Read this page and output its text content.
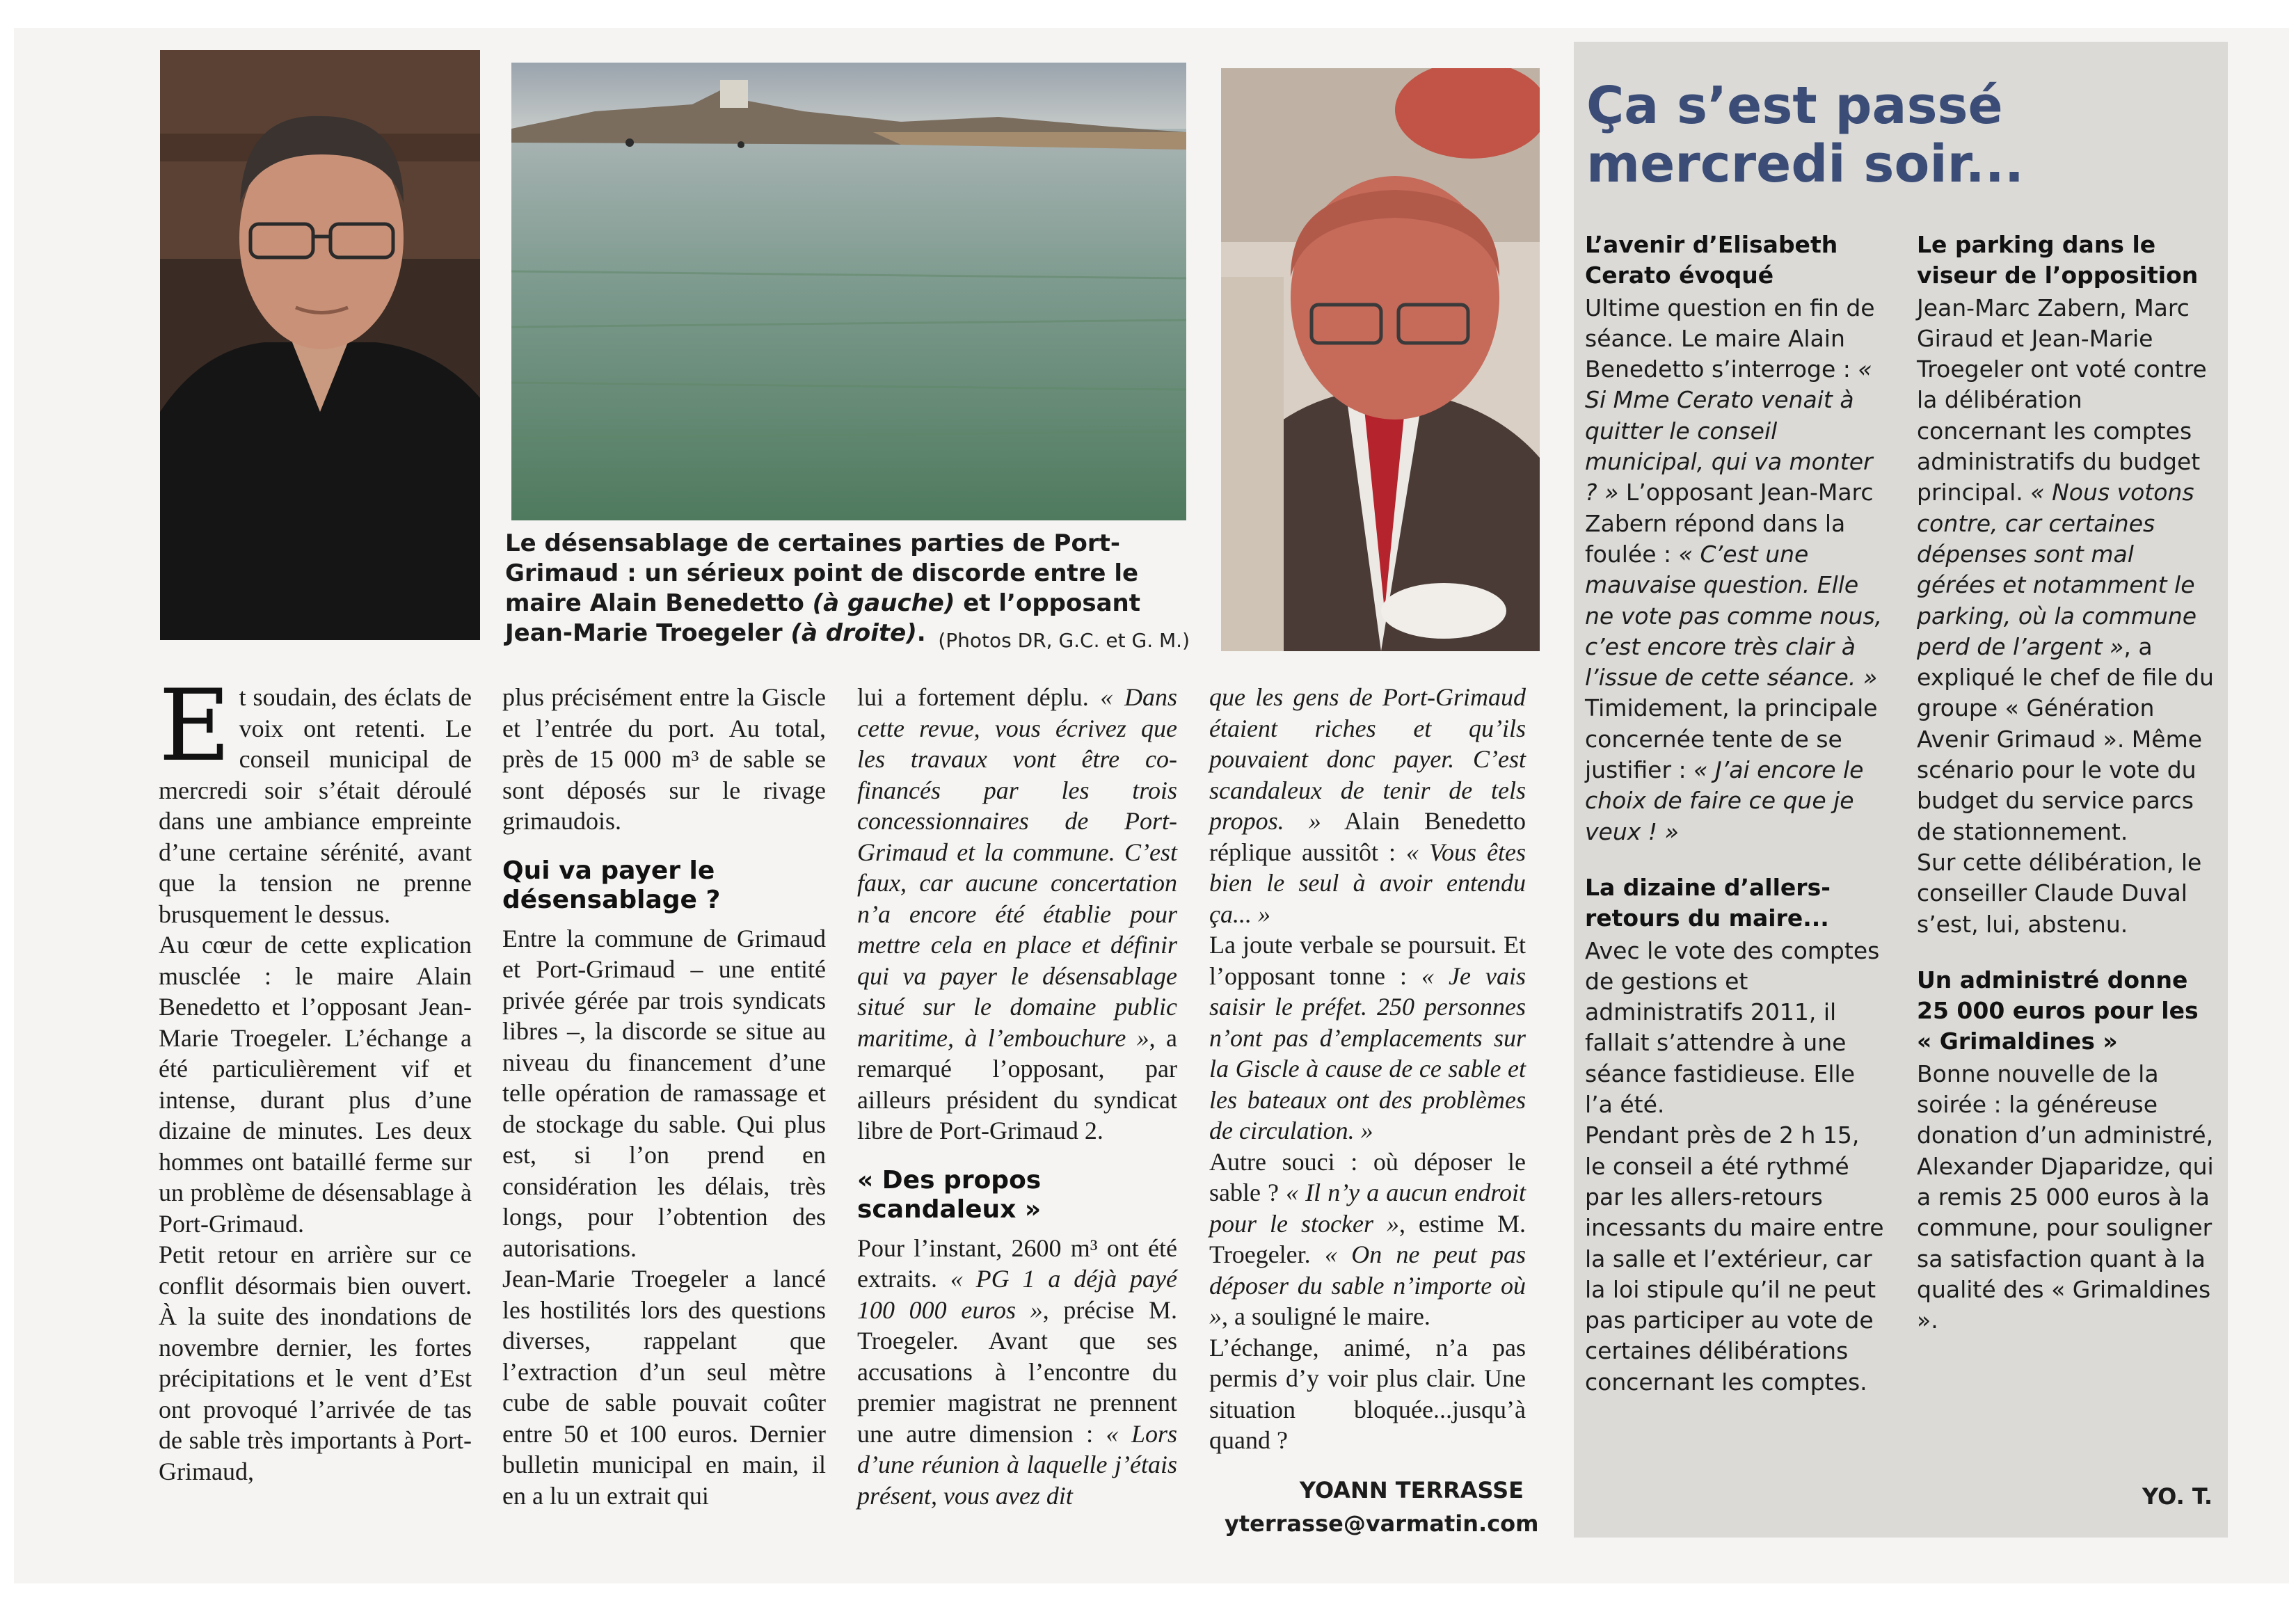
Le désensablage de certaines parties de Port-Grimaud : un sérieux point de discorde entre le maire Alain Benedetto (à gauche) et l’opposant Jean-Marie Troegeler (à droite). (Photos DR, G.C. et G. M.)

Et soudain, des éclats de voix ont retenti. Le conseil municipal de mercredi soir s’était déroulé dans une ambiance empreinte d’une certaine sérénité, avant que la tension ne prenne brusquement le dessus.

Au cœur de cette explication musclée : le maire Alain Benedetto et l’opposant Jean-Marie Troegeler. L’échange a été particulièrement vif et intense, durant plus d’une dizaine de minutes. Les deux hommes ont bataillé ferme sur un problème de désensablage à Port-Grimaud.

Petit retour en arrière sur ce conflit désormais bien ouvert. À la suite des inondations de novembre dernier, les fortes précipitations et le vent d’Est ont provoqué l’arrivée de tas de sable très importants à Port-Grimaud,

plus précisément entre la Giscle et l’entrée du port. Au total, près de 15 000 m³ de sable se sont déposés sur le rivage grimaudois.

Qui va payer le désensablage ?

Entre la commune de Grimaud et Port-Grimaud – une entité privée gérée par trois syndicats libres –, la discorde se situe au niveau du financement d’une telle opération de ramassage et de stockage du sable. Qui plus est, si l’on prend en considération les délais, très longs, pour l’obtention des autorisations.

Jean-Marie Troegeler a lancé les hostilités lors des questions diverses, rappelant que l’extraction d’un seul mètre cube de sable pouvait coûter entre 50 et 100 euros. Dernier bulletin municipal en main, il en a lu un extrait qui

lui a fortement déplu. « Dans cette revue, vous écrivez que les travaux vont être co-financés par les trois concessionnaires de Port-Grimaud et la commune. C’est faux, car aucune concertation n’a encore été établie pour mettre cela en place et définir qui va payer le désensablage situé sur le domaine public maritime, à l’embouchure », a remarqué l’opposant, par ailleurs président du syndicat libre de Port-Grimaud 2.

« Des propos scandaleux »

Pour l’instant, 2600 m³ ont été extraits. « PG 1 a déjà payé 100 000 euros », précise M. Troegeler. Avant que ses accusations à l’encontre du premier magistrat ne prennent une autre dimension : « Lors d’une réunion à laquelle j’étais présent, vous avez dit

que les gens de Port-Grimaud étaient riches et qu’ils pouvaient donc payer. C’est scandaleux de tenir de tels propos. » Alain Benedetto réplique aussitôt : « Vous êtes bien le seul à avoir entendu ça... »

La joute verbale se poursuit. Et l’opposant tonne : « Je vais saisir le préfet. 250 personnes n’ont pas d’emplacements sur la Giscle à cause de ce sable et les bateaux ont des problèmes de circulation. »

Autre souci : où déposer le sable ? « Il n’y a aucun endroit pour le stocker », estime M. Troegeler. « On ne peut pas déposer du sable n’importe où », a souligné le maire.

L’échange, animé, n’a pas permis d’y voir plus clair. Une situation bloquée...jusqu’à quand ?

YOANN TERRASSE
yterrasse@varmatin.com
Ça s’est passé mercredi soir...

L’avenir d’Elisabeth Cerato évoqué

Ultime question en fin de séance. Le maire Alain Benedetto s’interroge : « Si Mme Cerato venait à quitter le conseil municipal, qui va monter ? » L’opposant Jean-Marc Zabern répond dans la foulée : « C’est une mauvaise question. Elle ne vote pas comme nous, c’est encore très clair à l’issue de cette séance. »

Timidement, la principale concernée tente de se justifier : « J’ai encore le choix de faire ce que je veux ! »

La dizaine d’allers-retours du maire...

Avec le vote des comptes de gestions et administratifs 2011, il fallait s’attendre à une séance fastidieuse. Elle l’a été.

Pendant près de 2 h 15, le conseil a été rythmé par les allers-retours incessants du maire entre la salle et l’extérieur, car la loi stipule qu’il ne peut pas participer au vote de certaines délibérations concernant les comptes.

Le parking dans le viseur de l’opposition

Jean-Marc Zabern, Marc Giraud et Jean-Marie Troegeler ont voté contre la délibération concernant les comptes administratifs du budget principal. « Nous votons contre, car certaines dépenses sont mal gérées et notamment le parking, où la commune perd de l’argent », a expliqué le chef de file du groupe « Génération Avenir Grimaud ». Même scénario pour le vote du budget du service parcs de stationnement.

Sur cette délibération, le conseiller Claude Duval s’est, lui, abstenu.

Un administré donne 25 000 euros pour les « Grimaldines »

Bonne nouvelle de la soirée : la généreuse donation d’un administré, Alexander Djaparidze, qui a remis 25 000 euros à la commune, pour souligner sa satisfaction quant à la qualité des « Grimaldines ».

YO. T.
